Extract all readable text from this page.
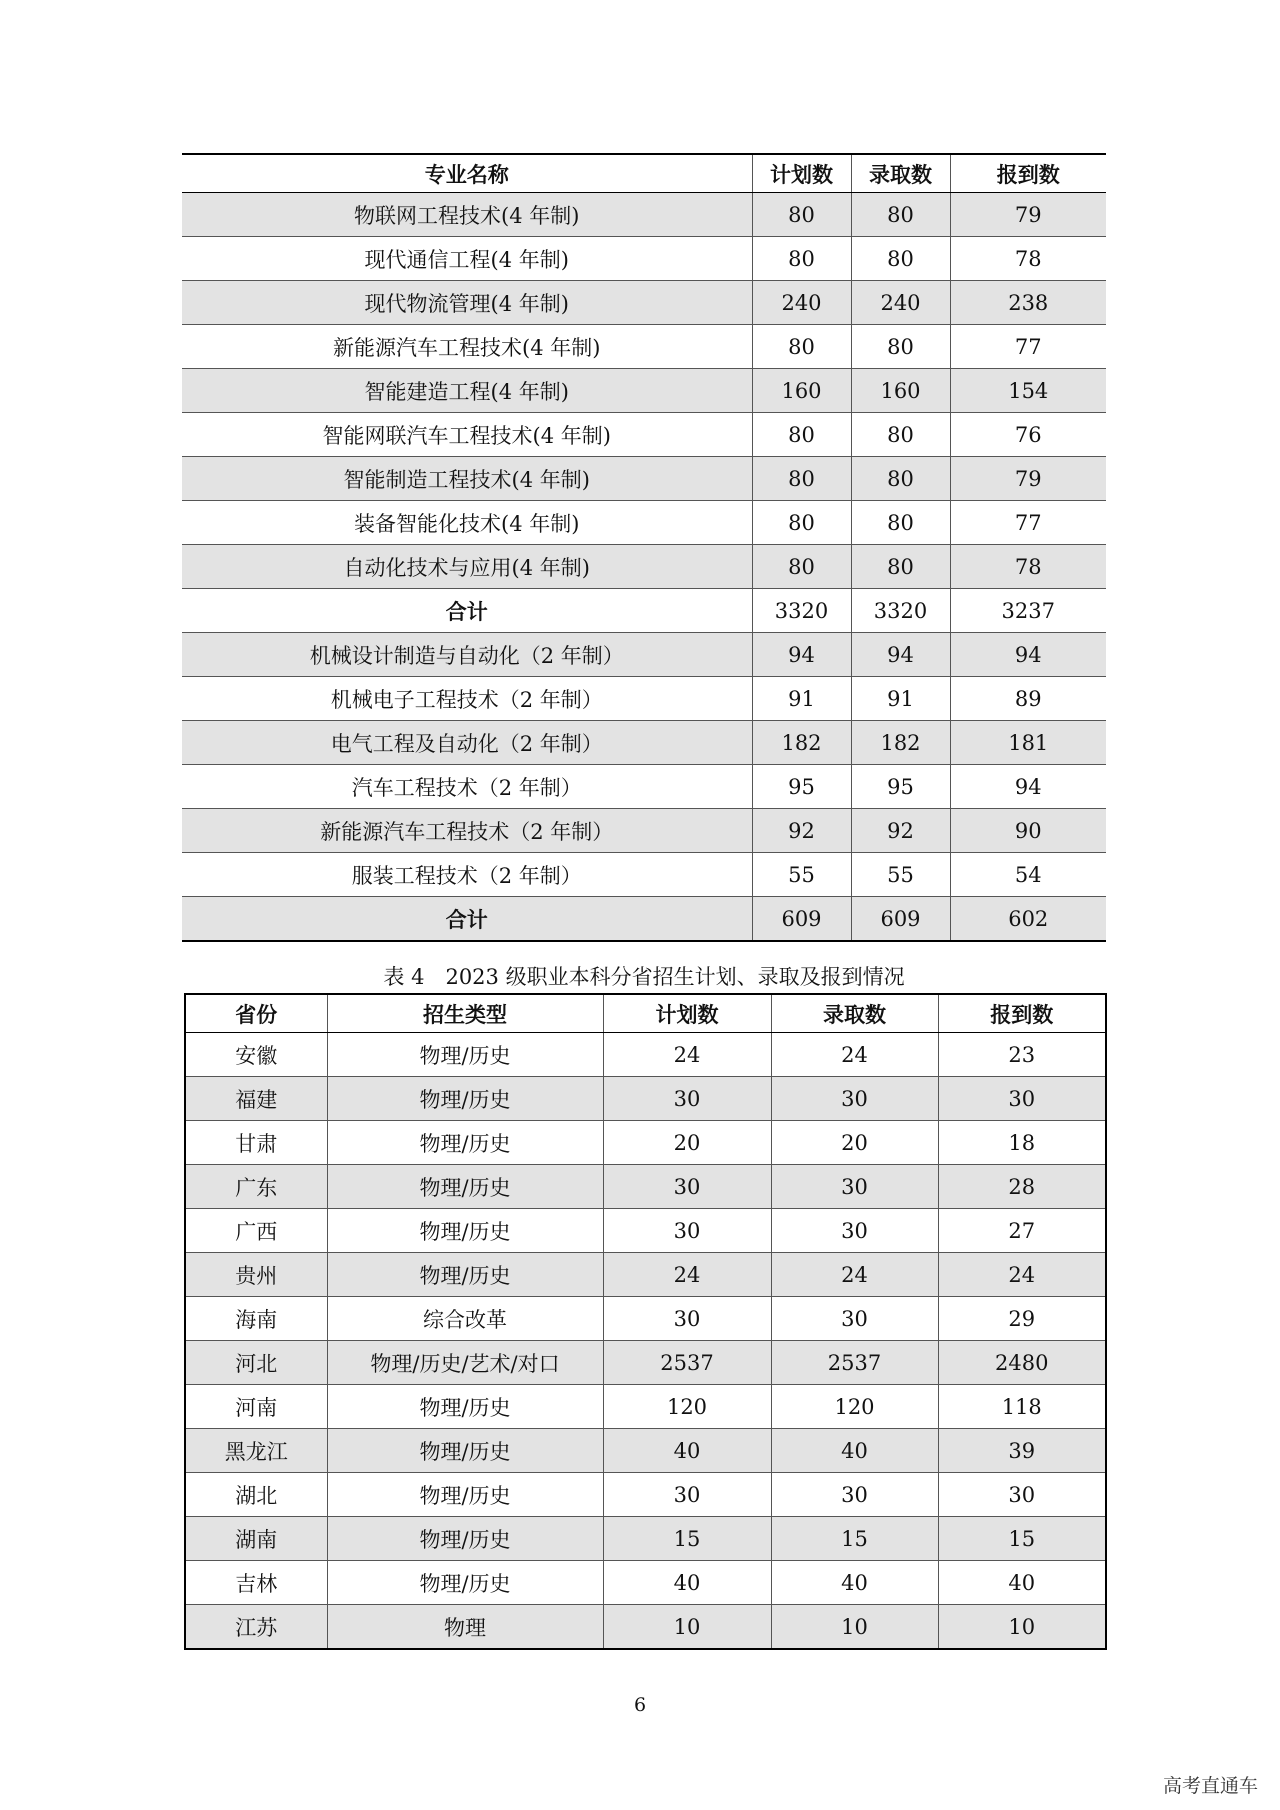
专业名称	计划数	录取数	报到数
物联网工程技术(4 年制)	80	80	79
现代通信工程(4 年制)	80	80	78
现代物流管理(4 年制)	240	240	238
新能源汽车工程技术(4 年制)	80	80	77
智能建造工程(4 年制)	160	160	154
智能网联汽车工程技术(4 年制)	80	80	76
智能制造工程技术(4 年制)	80	80	79
装备智能化技术(4 年制)	80	80	77
自动化技术与应用(4 年制)	80	80	78
合计	3320	3320	3237
机械设计制造与自动化（2 年制）	94	94	94
机械电子工程技术（2 年制）	91	91	89
电气工程及自动化（2 年制）	182	182	181
汽车工程技术（2 年制）	95	95	94
新能源汽车工程技术（2 年制）	92	92	90
服装工程技术（2 年制）	55	55	54
合计	609	609	602
表 4　2023 级职业本科分省招生计划、录取及报到情况
省份	招生类型	计划数	录取数	报到数
安徽	物理/历史	24	24	23
福建	物理/历史	30	30	30
甘肃	物理/历史	20	20	18
广东	物理/历史	30	30	28
广西	物理/历史	30	30	27
贵州	物理/历史	24	24	24
海南	综合改革	30	30	29
河北	物理/历史/艺术/对口	2537	2537	2480
河南	物理/历史	120	120	118
黑龙江	物理/历史	40	40	39
湖北	物理/历史	30	30	30
湖南	物理/历史	15	15	15
吉林	物理/历史	40	40	40
江苏	物理	10	10	10
6
高考直通车
